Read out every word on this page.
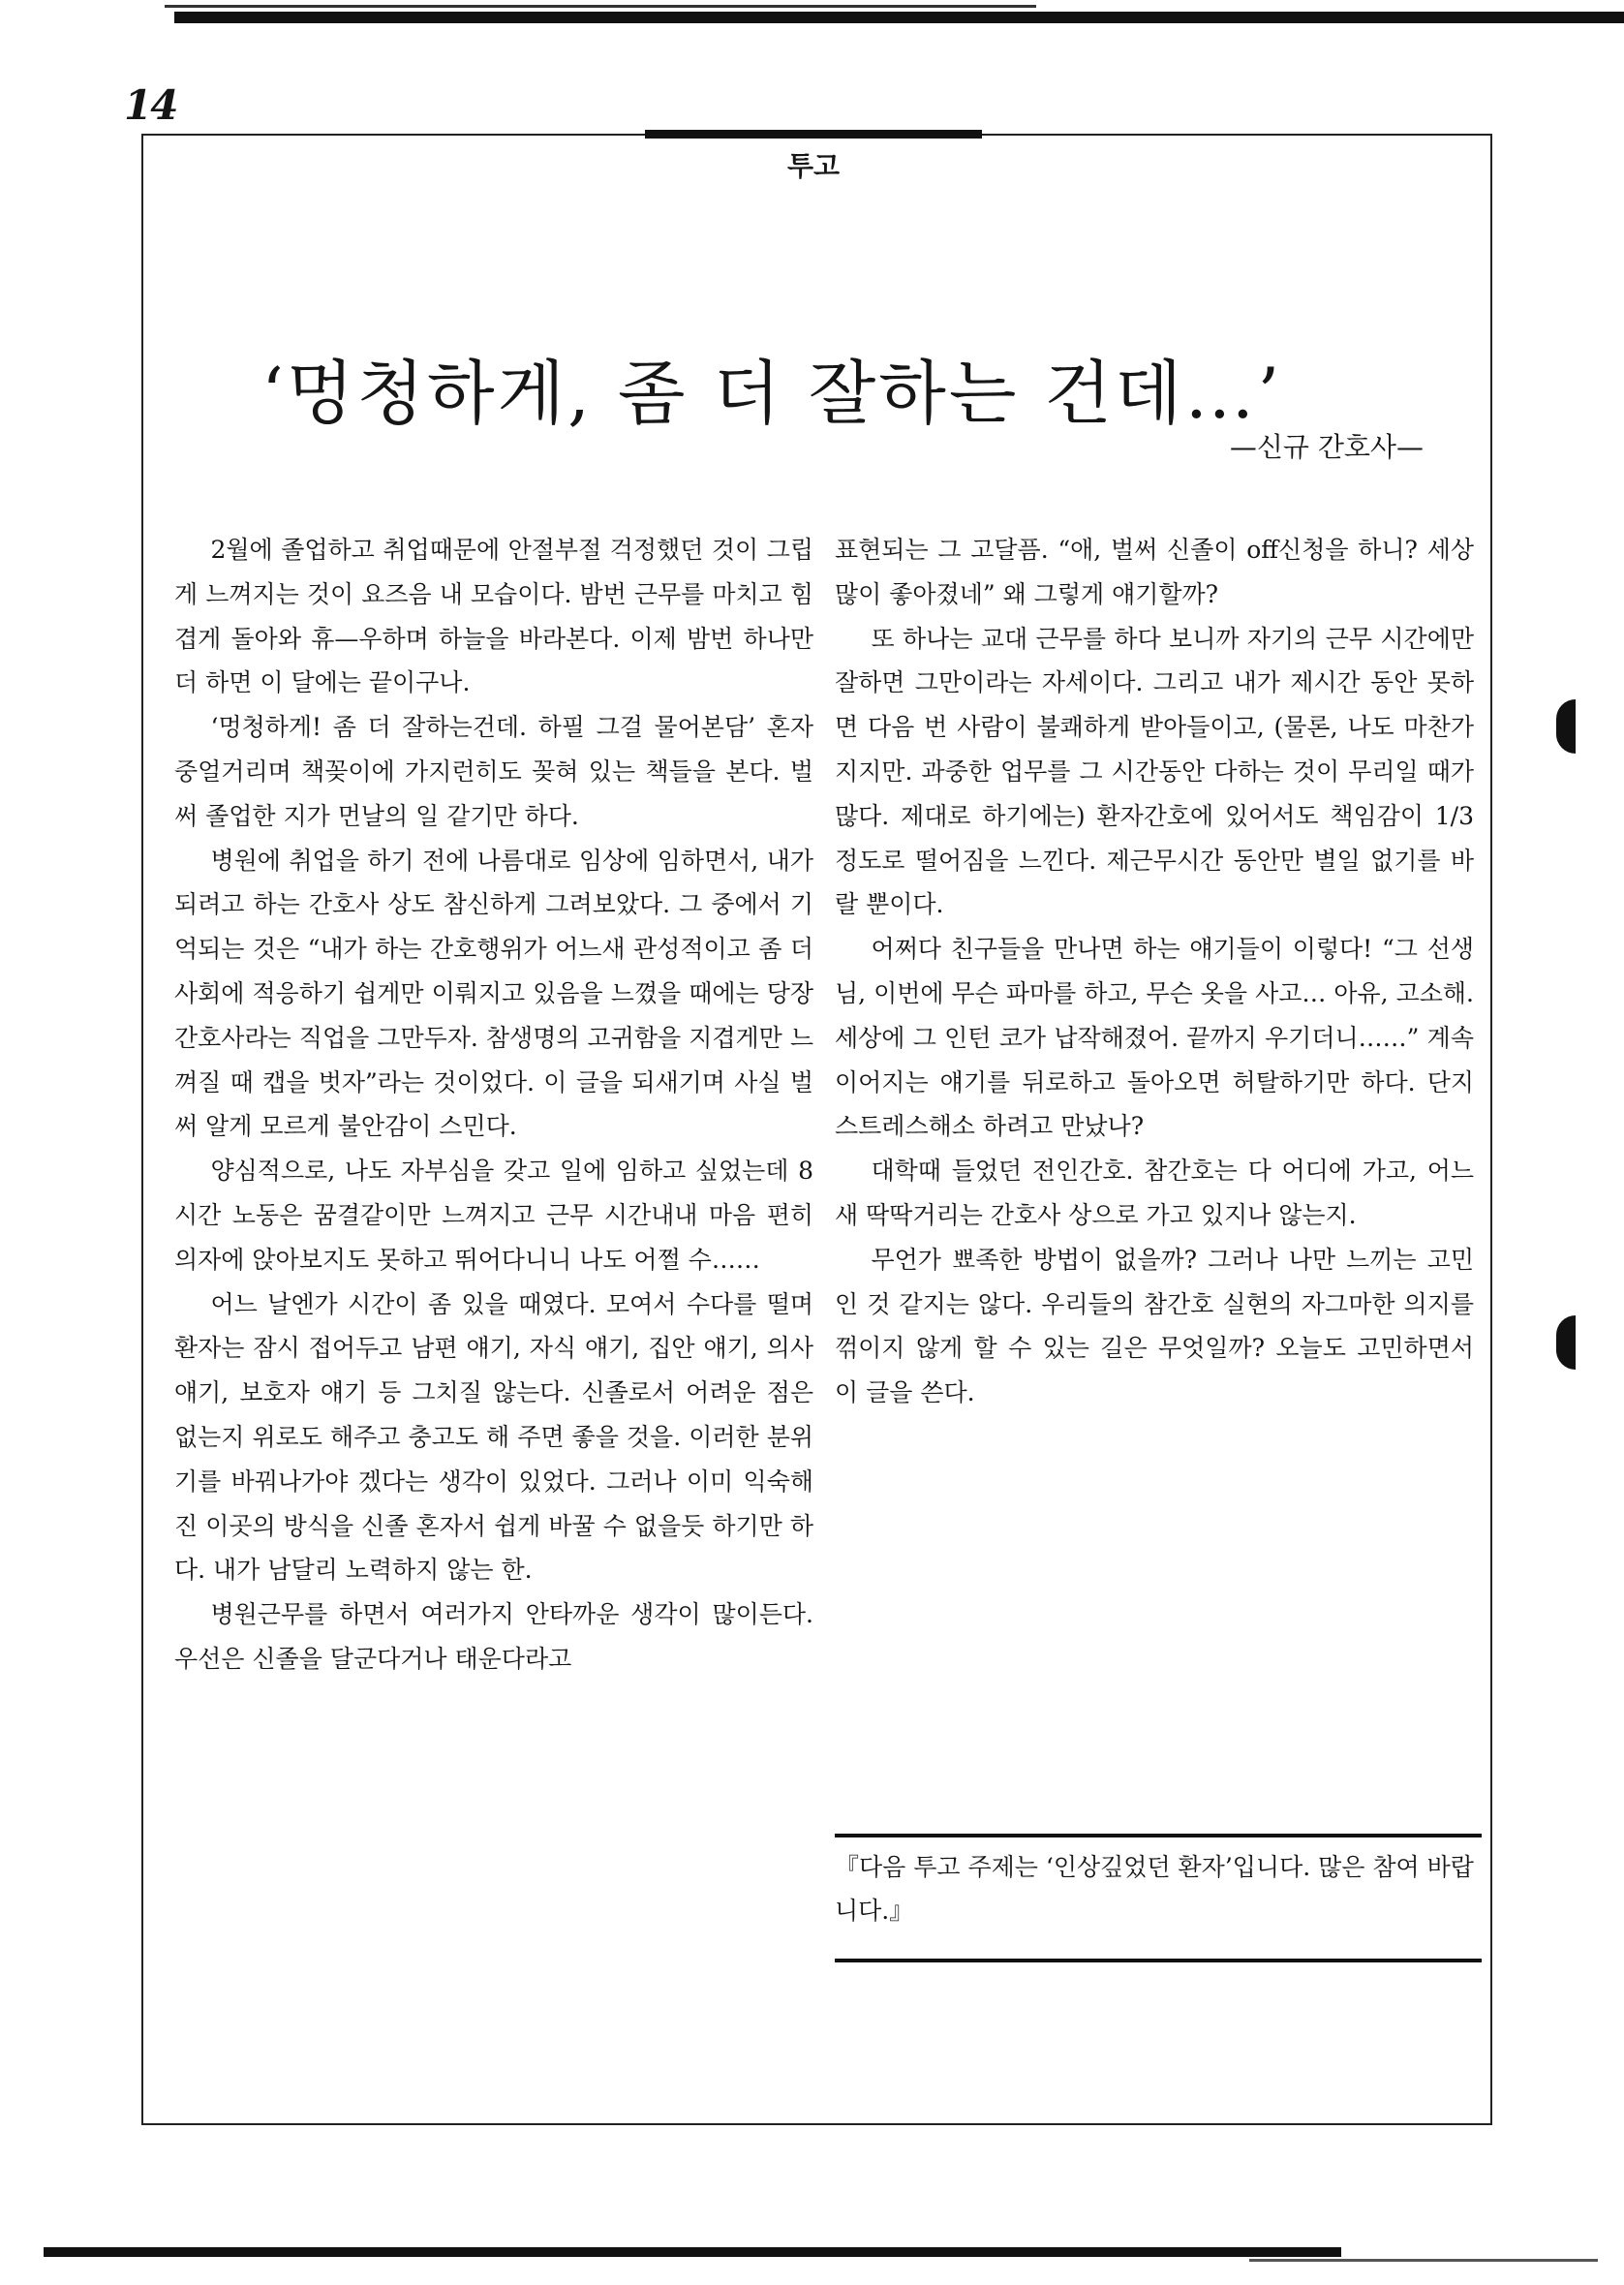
14
투고
‘멍청하게, 좀 더 잘하는 건데…’
—신규 간호사—

2월에 졸업하고 취업때문에 안절부절 걱정했던 것이 그립게 느껴지는 것이 요즈음 내 모습이다. 밤번 근무를 마치고 힘겹게 돌아와 휴—우하며 하늘을 바라본다. 이제 밤번 하나만 더 하면 이 달에는 끝이구나.

‘멍청하게! 좀 더 잘하는건데. 하필 그걸 물어본담’ 혼자 중얼거리며 책꽂이에 가지런히도 꽂혀 있는 책들을 본다. 벌써 졸업한 지가 먼날의 일 같기만 하다.

병원에 취업을 하기 전에 나름대로 임상에 임하면서, 내가 되려고 하는 간호사 상도 참신하게 그려보았다. 그 중에서 기억되는 것은 “내가 하는 간호행위가 어느새 관성적이고 좀 더 사회에 적응하기 쉽게만 이뤄지고 있음을 느꼈을 때에는 당장 간호사라는 직업을 그만두자. 참생명의 고귀함을 지겹게만 느껴질 때 캡을 벗자”라는 것이었다. 이 글을 되새기며 사실 벌써 알게 모르게 불안감이 스민다.

양심적으로, 나도 자부심을 갖고 일에 임하고 싶었는데 8시간 노동은 꿈결같이만 느껴지고 근무 시간내내 마음 편히 의자에 앉아보지도 못하고 뛰어다니니 나도 어쩔 수……

어느 날엔가 시간이 좀 있을 때였다. 모여서 수다를 떨며 환자는 잠시 접어두고 남편 얘기, 자식 얘기, 집안 얘기, 의사 얘기, 보호자 얘기 등 그치질 않는다. 신졸로서 어려운 점은 없는지 위로도 해주고 충고도 해 주면 좋을 것을. 이러한 분위기를 바꿔나가야 겠다는 생각이 있었다. 그러나 이미 익숙해진 이곳의 방식을 신졸 혼자서 쉽게 바꿀 수 없을듯 하기만 하다. 내가 남달리 노력하지 않는 한.

병원근무를 하면서 여러가지 안타까운 생각이 많이든다. 우선은 신졸을 달군다거나 태운다라고

표현되는 그 고달픔. “애, 벌써 신졸이 off신청을 하니? 세상 많이 좋아졌네” 왜 그렇게 얘기할까?

또 하나는 교대 근무를 하다 보니까 자기의 근무 시간에만 잘하면 그만이라는 자세이다. 그리고 내가 제시간 동안 못하면 다음 번 사람이 불쾌하게 받아들이고, (물론, 나도 마찬가지지만. 과중한 업무를 그 시간동안 다하는 것이 무리일 때가 많다. 제대로 하기에는) 환자간호에 있어서도 책임감이 1/3정도로 떨어짐을 느낀다. 제근무시간 동안만 별일 없기를 바랄 뿐이다.

어쩌다 친구들을 만나면 하는 얘기들이 이렇다! “그 선생님, 이번에 무슨 파마를 하고, 무슨 옷을 사고… 아유, 고소해. 세상에 그 인턴 코가 납작해졌어. 끝까지 우기더니……” 계속 이어지는 얘기를 뒤로하고 돌아오면 허탈하기만 하다. 단지 스트레스해소 하려고 만났나?

대학때 들었던 전인간호. 참간호는 다 어디에 가고, 어느새 딱딱거리는 간호사 상으로 가고 있지나 않는지.

무언가 뾰족한 방법이 없을까? 그러나 나만 느끼는 고민인 것 같지는 않다. 우리들의 참간호 실현의 자그마한 의지를 꺾이지 않게 할 수 있는 길은 무엇일까? 오늘도 고민하면서 이 글을 쓴다.

『다음 투고 주제는 ‘인상깊었던 환자’입니다. 많은 참여 바랍니다.』
